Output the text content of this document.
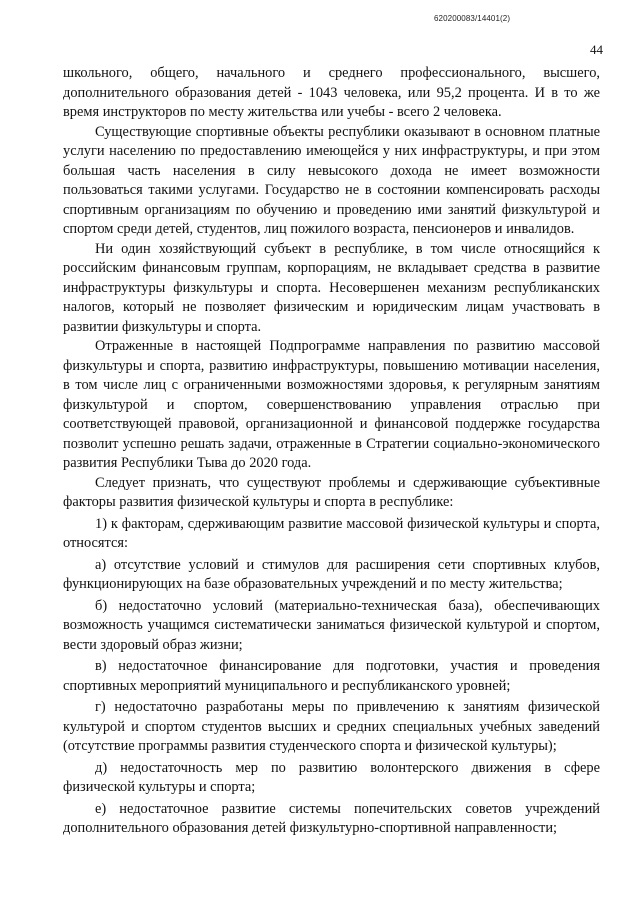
620200083/14401(2)
44

школьного, общего, начального и среднего профессионального, высшего, дополнительного образования детей - 1043 человека, или 95,2 процента. И в то же время инструкторов по месту жительства или учебы - всего 2 человека.

Существующие спортивные объекты республики оказывают в основном платные услуги населению по предоставлению имеющейся у них инфраструктуры, и при этом большая часть населения в силу невысокого дохода не имеет возможности пользоваться такими услугами. Государство не в состоянии компенсировать расходы спортивным организациям по обучению и проведению ими занятий физкультурой и спортом среди детей, студентов, лиц пожилого возраста, пенсионеров и инвалидов.

Ни один хозяйствующий субъект в республике, в том числе относящийся к российским финансовым группам, корпорациям, не вкладывает средства в развитие инфраструктуры физкультуры и спорта. Несовершенен механизм республиканских налогов, который не позволяет физическим и юридическим лицам участвовать в развитии физкультуры и спорта.

Отраженные в настоящей Подпрограмме направления по развитию массовой физкультуры и спорта, развитию инфраструктуры, повышению мотивации населения, в том числе лиц с ограниченными возможностями здоровья, к регулярным занятиям физкультурой и спортом, совершенствованию управления отраслью при соответствующей правовой, организационной и финансовой поддержке государства позволит успешно решать задачи, отраженные в Стратегии социально-экономического развития Республики Тыва до 2020 года.

Следует признать, что существуют проблемы и сдерживающие субъективные факторы развития физической культуры и спорта в республике:

1) к факторам, сдерживающим развитие массовой физической культуры и спорта, относятся:

а) отсутствие условий и стимулов для расширения сети спортивных клубов, функционирующих на базе образовательных учреждений и по месту жительства;

б) недостаточно условий (материально-техническая база), обеспечивающих возможность учащимся систематически заниматься физической культурой и спортом, вести здоровый образ жизни;

в) недостаточное финансирование для подготовки, участия и проведения спортивных мероприятий муниципального и республиканского уровней;

г) недостаточно разработаны меры по привлечению к занятиям физической культурой и спортом студентов высших и средних специальных учебных заведений (отсутствие программы развития студенческого спорта и физической культуры);

д) недостаточность мер по развитию волонтерского движения в сфере физической культуры и спорта;

е) недостаточное развитие системы попечительских советов учреждений дополнительного образования детей физкультурно-спортивной направленности;
